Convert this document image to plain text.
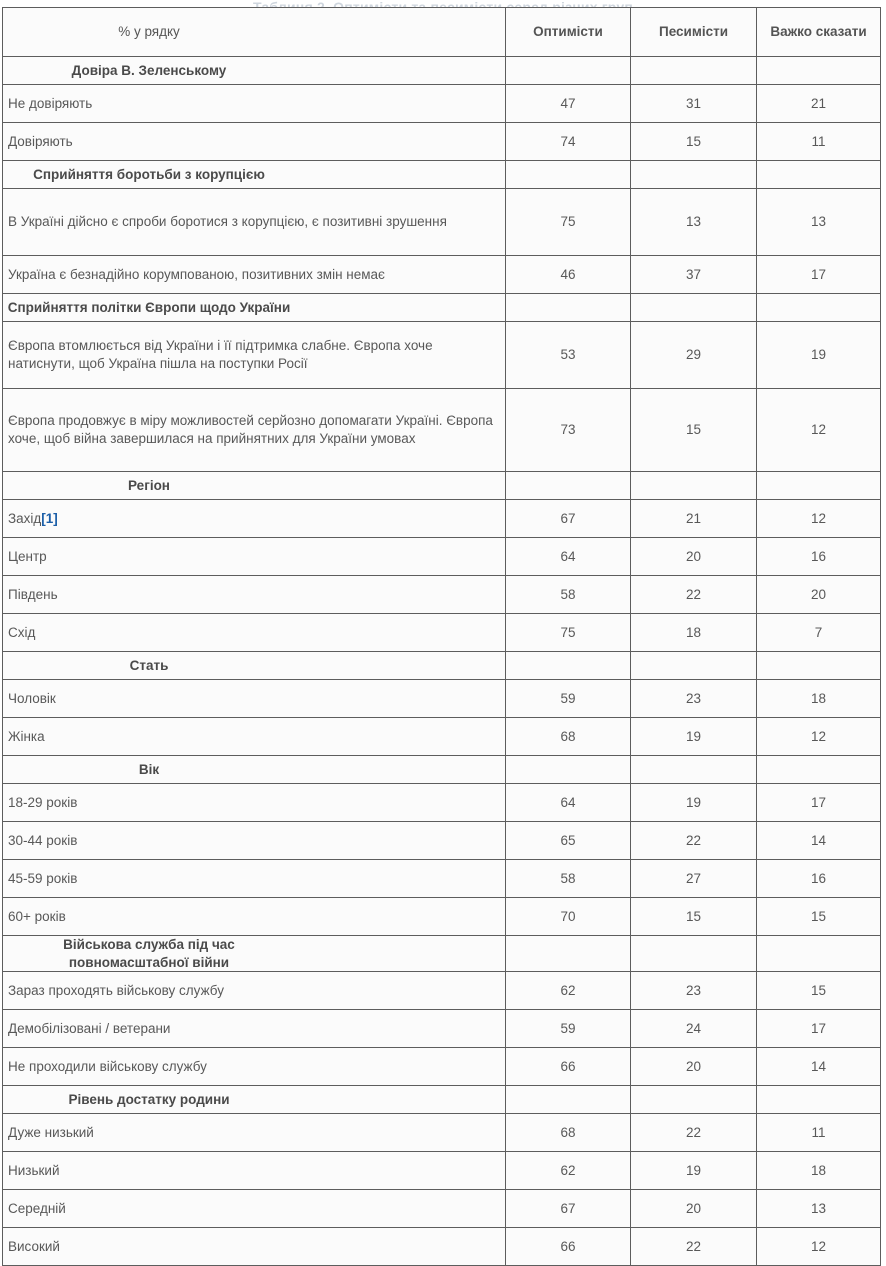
% у рядку	Оптимісти	Песимісти	Важко сказати
Довіра В. Зеленському			
Не довіряють	47	31	21
Довіряють	74	15	11
Сприйняття боротьби з корупцією			
В Україні дійсно є спроби боротися з корупцією, є позитивні зрушення	75	13	13
Україна є безнадійно корумпованою, позитивних змін немає	46	37	17
Сприйняття політки Європи щодо України			
Європа втомлюється від України і її підтримка слабне. Європа хоче натиснути, щоб Україна пішла на поступки Росії	53	29	19
Європа продовжує в міру можливостей серйозно допомагати Україні. Європа хоче, щоб війна завершилася на прийнятних для України умовах	73	15	12
Регіон			
Захід[1]	67	21	12
Центр	64	20	16
Південь	58	22	20
Схід	75	18	7
Стать			
Чоловік	59	23	18
Жінка	68	19	12
Вік			
18-29 років	64	19	17
30-44 років	65	22	14
45-59 років	58	27	16
60+ років	70	15	15
Військова служба під час повномасштабної війни			
Зараз проходять військову службу	62	23	15
Демобілізовані / ветерани	59	24	17
Не проходили військову службу	66	20	14
Рівень достатку родини			
Дуже низький	68	22	11
Низький	62	19	18
Середній	67	20	13
Високий	66	22	12
